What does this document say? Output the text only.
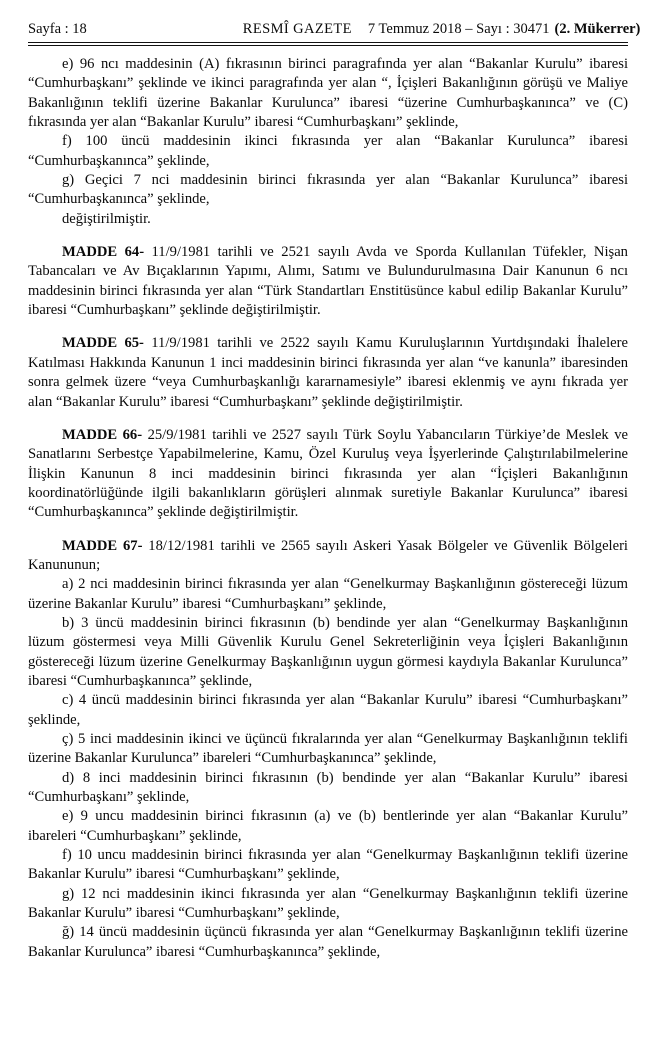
Sayfa : 18	RESMÎ GAZETE 7 Temmuz 2018 – Sayı : 30471 (2. Mükerrer)

e) 96 ncı maddesinin (A) fıkrasının birinci paragrafında yer alan “Bakanlar Kurulu” ibaresi “Cumhurbaşkanı” şeklinde ve ikinci paragrafında yer alan “, İçişleri Bakanlığının görüşü ve Maliye Bakanlığının teklifi üzerine Bakanlar Kurulunca” ibaresi “üzerine Cumhurbaşkanınca” ve (C) fıkrasında yer alan “Bakanlar Kurulu” ibaresi “Cumhurbaşkanı” şeklinde,

f) 100 üncü maddesinin ikinci fıkrasında yer alan “Bakanlar Kurulunca” ibaresi “Cumhurbaşkanınca” şeklinde,

g) Geçici 7 nci maddesinin birinci fıkrasında yer alan “Bakanlar Kurulunca” ibaresi “Cumhurbaşkanınca” şeklinde,

değiştirilmiştir.

MADDE 64- 11/9/1981 tarihli ve 2521 sayılı Avda ve Sporda Kullanılan Tüfekler, Nişan Tabancaları ve Av Bıçaklarının Yapımı, Alımı, Satımı ve Bulundurulmasına Dair Kanunun 6 ncı maddesinin birinci fıkrasında yer alan “Türk Standartları Enstitüsünce kabul edilip Bakanlar Kurulu” ibaresi “Cumhurbaşkanı” şeklinde değiştirilmiştir.

MADDE 65- 11/9/1981 tarihli ve 2522 sayılı Kamu Kuruluşlarının Yurtdışındaki İhalelere Katılması Hakkında Kanunun 1 inci maddesinin birinci fıkrasında yer alan “ve kanunla” ibaresinden sonra gelmek üzere “veya Cumhurbaşkanlığı kararnamesiyle” ibaresi eklenmiş ve aynı fıkrada yer alan “Bakanlar Kurulu” ibaresi “Cumhurbaşkanı” şeklinde değiştirilmiştir.

MADDE 66- 25/9/1981 tarihli ve 2527 sayılı Türk Soylu Yabancıların Türkiye’de Meslek ve Sanatlarını Serbestçe Yapabilmelerine, Kamu, Özel Kuruluş veya İşyerlerinde Çalıştırılabilmelerine İlişkin Kanunun 8 inci maddesinin birinci fıkrasında yer alan “İçişleri Bakanlığının koordinatörlüğünde ilgili bakanlıkların görüşleri alınmak suretiyle Bakanlar Kurulunca” ibaresi “Cumhurbaşkanınca” şeklinde değiştirilmiştir.

MADDE 67- 18/12/1981 tarihli ve 2565 sayılı Askeri Yasak Bölgeler ve Güvenlik Bölgeleri Kanununun;

a) 2 nci maddesinin birinci fıkrasında yer alan “Genelkurmay Başkanlığının göstereceği lüzum üzerine Bakanlar Kurulu” ibaresi “Cumhurbaşkanı” şeklinde,

b) 3 üncü maddesinin birinci fıkrasının (b) bendinde yer alan “Genelkurmay Başkanlığının lüzum göstermesi veya Milli Güvenlik Kurulu Genel Sekreterliğinin veya İçişleri Bakanlığının göstereceği lüzum üzerine Genelkurmay Başkanlığının uygun görmesi kaydıyla Bakanlar Kurulunca” ibaresi “Cumhurbaşkanınca” şeklinde,

c) 4 üncü maddesinin birinci fıkrasında yer alan “Bakanlar Kurulu” ibaresi “Cumhurbaşkanı” şeklinde,

ç) 5 inci maddesinin ikinci ve üçüncü fıkralarında yer alan “Genelkurmay Başkanlığının teklifi üzerine Bakanlar Kurulunca” ibareleri “Cumhurbaşkanınca” şeklinde,

d) 8 inci maddesinin birinci fıkrasının (b) bendinde yer alan “Bakanlar Kurulu” ibaresi “Cumhurbaşkanı” şeklinde,

e) 9 uncu maddesinin birinci fıkrasının (a) ve (b) bentlerinde yer alan “Bakanlar Kurulu” ibareleri “Cumhurbaşkanı” şeklinde,

f) 10 uncu maddesinin birinci fıkrasında yer alan “Genelkurmay Başkanlığının teklifi üzerine Bakanlar Kurulu” ibaresi “Cumhurbaşkanı” şeklinde,

g) 12 nci maddesinin ikinci fıkrasında yer alan “Genelkurmay Başkanlığının teklifi üzerine Bakanlar Kurulu” ibaresi “Cumhurbaşkanı” şeklinde,

ğ) 14 üncü maddesinin üçüncü fıkrasında yer alan “Genelkurmay Başkanlığının teklifi üzerine Bakanlar Kurulunca” ibaresi “Cumhurbaşkanınca” şeklinde,
